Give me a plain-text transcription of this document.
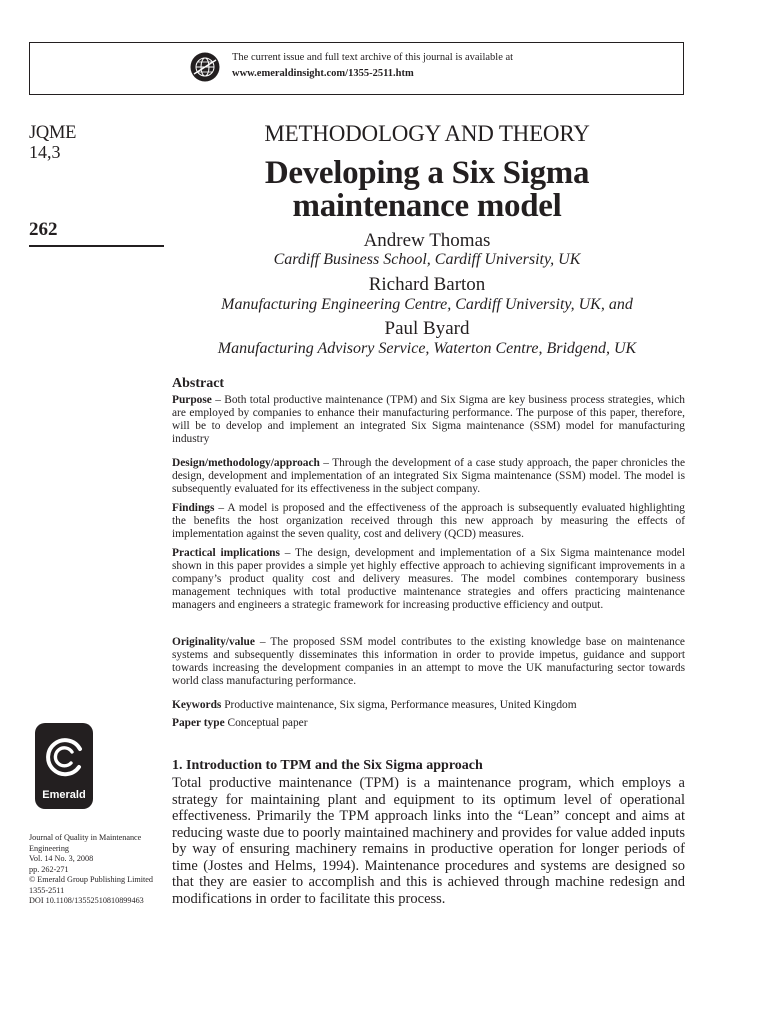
The current issue and full text archive of this journal is available at
www.emeraldinsight.com/1355-2511.htm
JQME
14,3
262
METHODOLOGY AND THEORY
Developing a Six Sigma
maintenance model
Andrew Thomas
Cardiff Business School, Cardiff University, UK
Richard Barton
Manufacturing Engineering Centre, Cardiff University, UK, and
Paul Byard
Manufacturing Advisory Service, Waterton Centre, Bridgend, UK
Abstract

Purpose – Both total productive maintenance (TPM) and Six Sigma are key business process strategies, which are employed by companies to enhance their manufacturing performance. The purpose of this paper, therefore, will be to develop and implement an integrated Six Sigma maintenance (SSM) model for manufacturing industry

Design/methodology/approach – Through the development of a case study approach, the paper chronicles the design, development and implementation of an integrated Six Sigma maintenance (SSM) model. The model is subsequently evaluated for its effectiveness in the subject company.

Findings – A model is proposed and the effectiveness of the approach is subsequently evaluated highlighting the benefits the host organization received through this new approach by measuring the effects of implementation against the seven quality, cost and delivery (QCD) measures.

Practical implications – The design, development and implementation of a Six Sigma maintenance model shown in this paper provides a simple yet highly effective approach to achieving significant improvements in a company’s product quality cost and delivery measures. The model combines contemporary business management techniques with total productive maintenance strategies and offers practicing maintenance managers and engineers a strategic framework for increasing productive efficiency and output.

Originality/value – The proposed SSM model contributes to the existing knowledge base on maintenance systems and subsequently disseminates this information in order to provide impetus, guidance and support towards increasing the development companies in an attempt to move the UK manufacturing sector towards world class manufacturing performance.

Keywords Productive maintenance, Six sigma, Performance measures, United Kingdom

Paper type Conceptual paper

Emerald
Journal of Quality in Maintenance
Engineering
Vol. 14 No. 3, 2008
pp. 262-271
© Emerald Group Publishing Limited
1355-2511
DOI 10.1108/13552510810899463
1. Introduction to TPM and the Six Sigma approach

Total productive maintenance (TPM) is a maintenance program, which employs a strategy for maintaining plant and equipment to its optimum level of operational effectiveness. Primarily the TPM approach links into the “Lean” concept and aims at reducing waste due to poorly maintained machinery and provides for value added inputs by way of ensuring machinery remains in productive operation for longer periods of time (Jostes and Helms, 1994). Maintenance procedures and systems are designed so that they are easier to accomplish and this is achieved through machine redesign and modifications in order to facilitate this process.
